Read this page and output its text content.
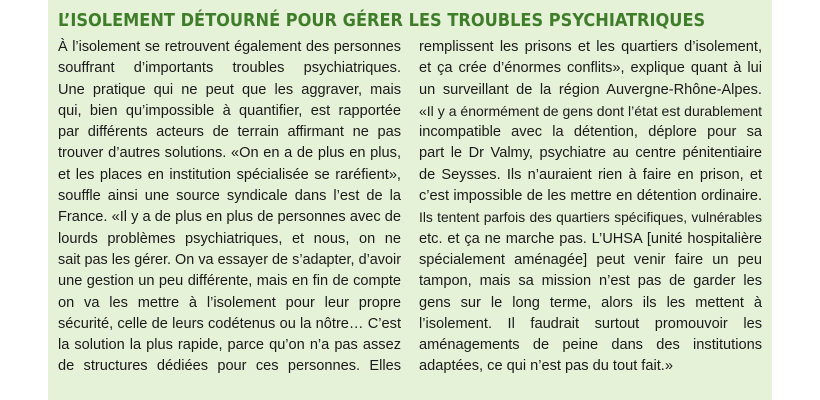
L’ISOLEMENT DÉTOURNÉ POUR GÉRER LES TROUBLES PSYCHIATRIQUES

À l’isolement se retrouvent également des personnes
souffrant d’importants troubles psychiatriques.
Une pratique qui ne peut que les aggraver, mais
qui, bien qu’impossible à quantifier, est rapportée
par différents acteurs de terrain affirmant ne pas
trouver d’autres solutions. «On en a de plus en plus,
et les places en institution spécialisée se raréfient»,
souffle ainsi une source syndicale dans l’est de la
France. «Il y a de plus en plus de personnes avec de
lourds problèmes psychiatriques, et nous, on ne
sait pas les gérer. On va essayer de s’adapter, d’avoir
une gestion un peu différente, mais en fin de compte
on va les mettre à l’isolement pour leur propre
sécurité, celle de leurs codétenus ou la nôtre… C’est
la solution la plus rapide, parce qu’on n’a pas assez
de structures dédiées pour ces personnes. Elles

remplissent les prisons et les quartiers d’isolement,
et ça crée d’énormes conflits», explique quant à lui
un surveillant de la région Auvergne-Rhône-Alpes.
«Il y a énormément de gens dont l’état est durablement
incompatible avec la détention, déplore pour sa
part le Dr Valmy, psychiatre au centre pénitentiaire
de Seysses. Ils n’auraient rien à faire en prison, et
c’est impossible de les mettre en détention ordinaire.
Ils tentent parfois des quartiers spécifiques, vulnérables
etc. et ça ne marche pas. L’UHSA [unité hospitalière
spécialement aménagée] peut venir faire un peu
tampon, mais sa mission n’est pas de garder les
gens sur le long terme, alors ils les mettent à
l’isolement. Il faudrait surtout promouvoir les
aménagements de peine dans des institutions
adaptées, ce qui n’est pas du tout fait.»
